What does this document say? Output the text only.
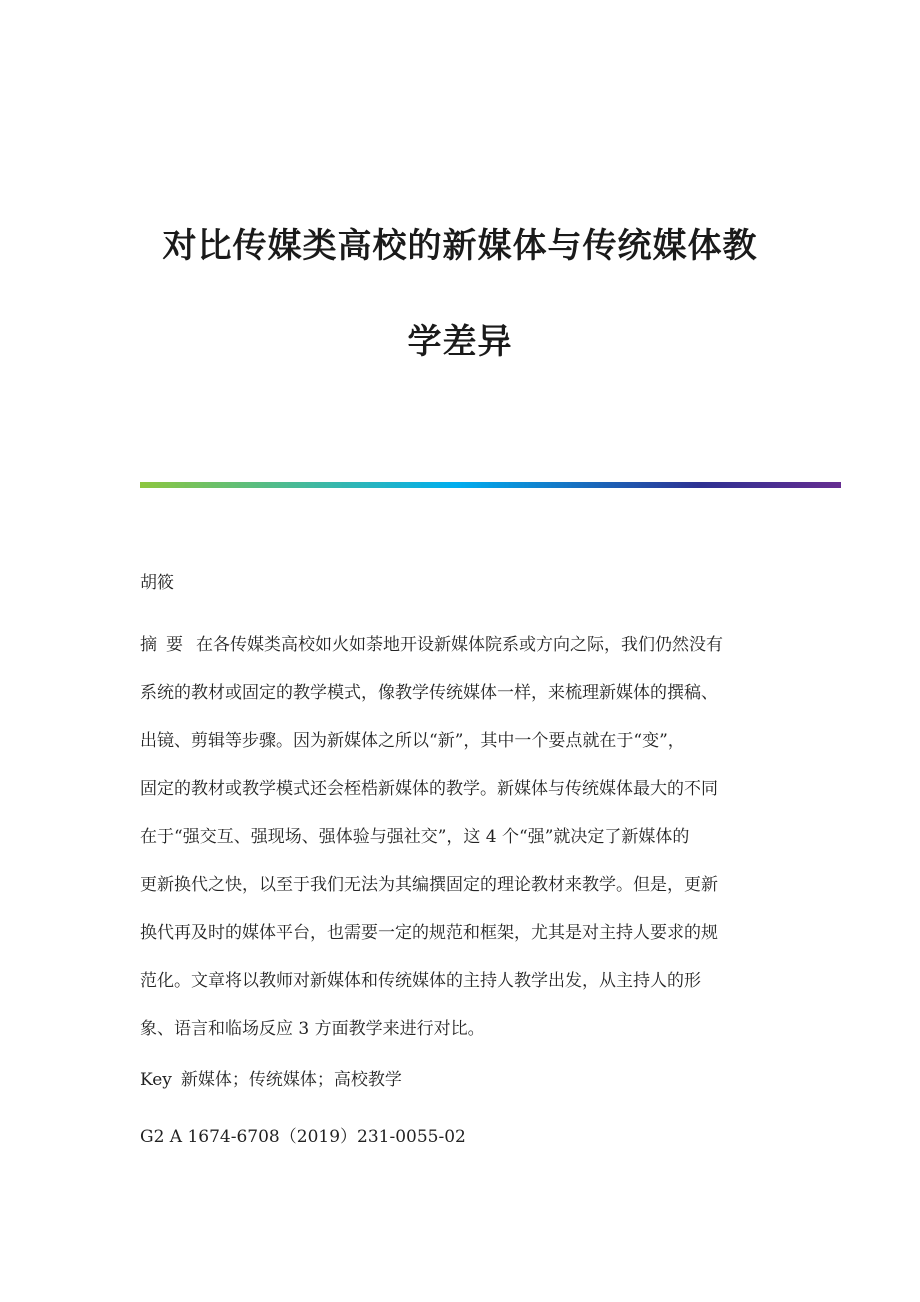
对比传媒类高校的新媒体与传统媒体教
学差异

胡筱

摘要 在各传媒类高校如火如荼地开设新媒体院系或方向之际，我们仍然没有
系统的教材或固定的教学模式，像教学传统媒体一样，来梳理新媒体的撰稿、
出镜、剪辑等步骤。因为新媒体之所以“新”，其中一个要点就在于“变”，
固定的教材或教学模式还会桎梏新媒体的教学。新媒体与传统媒体最大的不同
在于“强交互、强现场、强体验与强社交”，这 4 个“强”就决定了新媒体的
更新换代之快，以至于我们无法为其编撰固定的理论教材来教学。但是，更新
换代再及时的媒体平台，也需要一定的规范和框架，尤其是对主持人要求的规
范化。文章将以教师对新媒体和传统媒体的主持人教学出发，从主持人的形
象、语言和临场反应 3 方面教学来进行对比。

Key 新媒体；传统媒体；高校教学

G2 A 1674-6708（2019）231-0055-02
